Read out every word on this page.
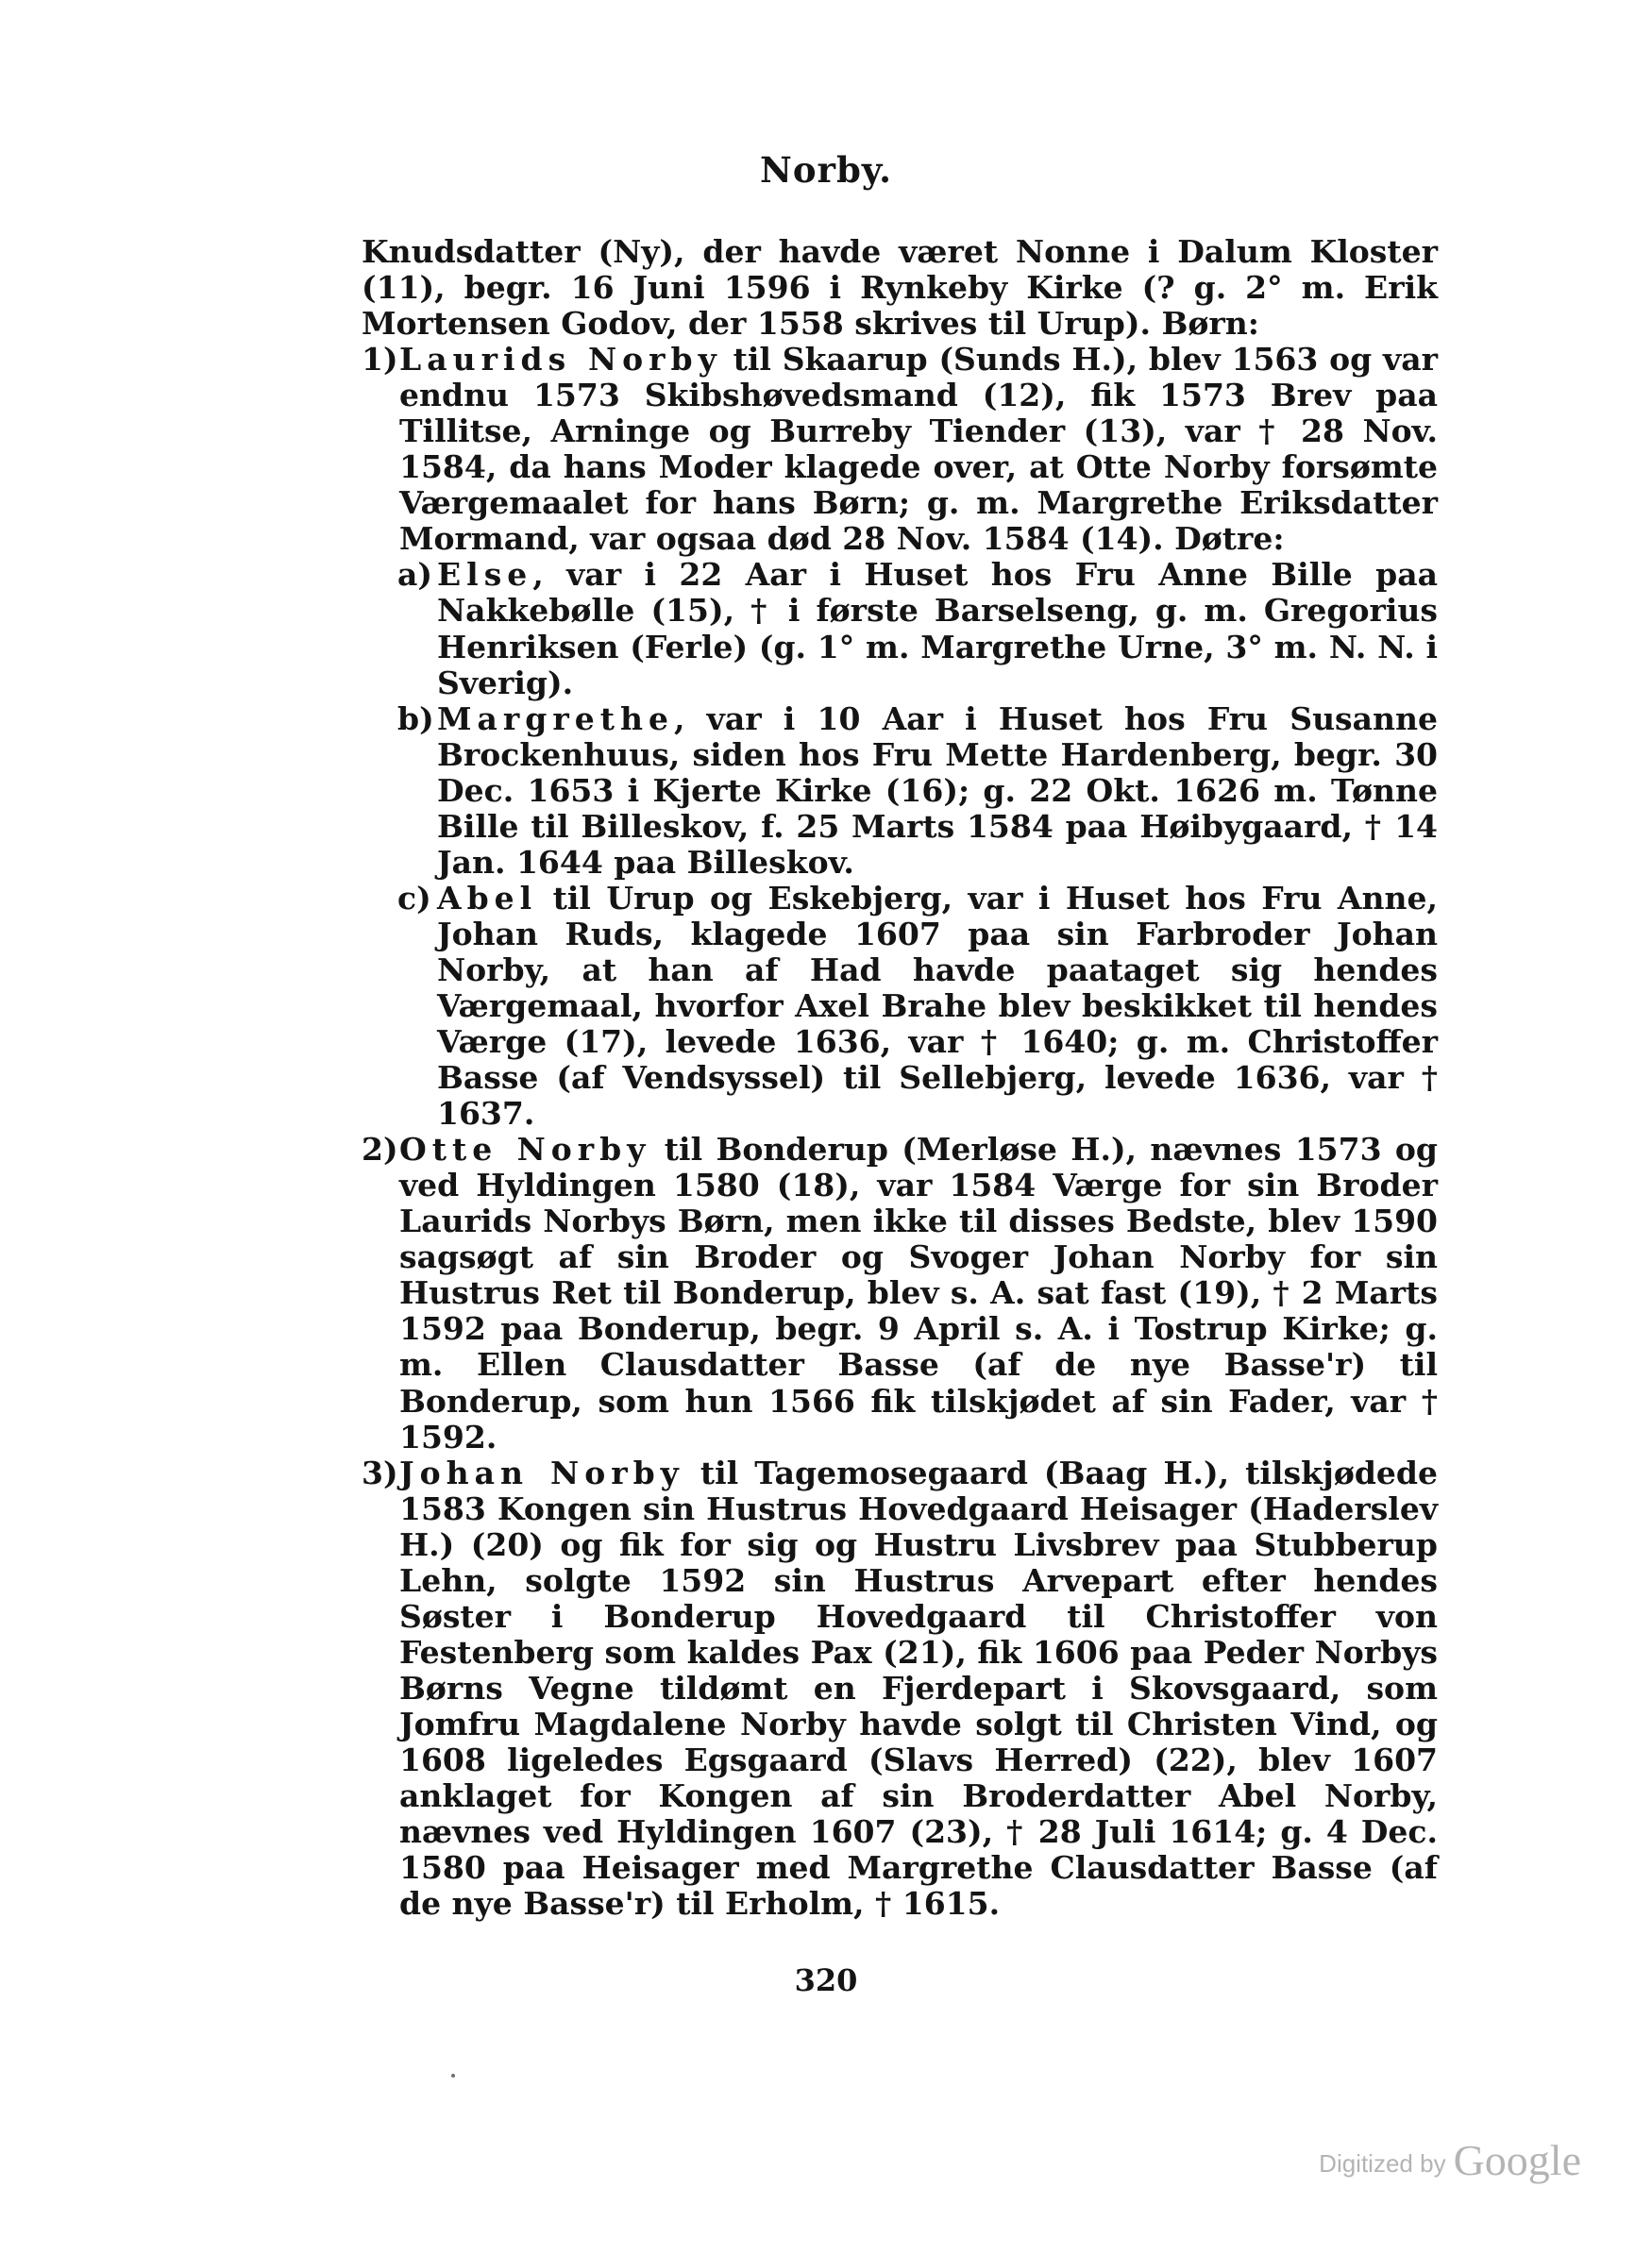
Norby.

Knudsdatter (Ny), der havde været Nonne i Dalum Kloster (11), begr. 16 Juni 1596 i Rynkeby Kirke (? g. 2° m. Erik Mortensen Godov, der 1558 skrives til Urup). Børn:

1) Laurids Norby til Skaarup (Sunds H.), blev 1563 og var endnu 1573 Skibshøvedsmand (12), fik 1573 Brev paa Tillitse, Arninge og Burreby Tiender (13), var † 28 Nov. 1584, da hans Moder klagede over, at Otte Norby forsømte Værgemaalet for hans Børn; g. m. Margrethe Eriksdatter Mormand, var ogsaa død 28 Nov. 1584 (14). Døtre:
a) Else, var i 22 Aar i Huset hos Fru Anne Bille paa Nakkebølle (15), † i første Barselseng, g. m. Gregorius Henriksen (Ferle) (g. 1° m. Margrethe Urne, 3° m. N. N. i Sverig).
b) Margrethe, var i 10 Aar i Huset hos Fru Susanne Brockenhuus, siden hos Fru Mette Hardenberg, begr. 30 Dec. 1653 i Kjerte Kirke (16); g. 22 Okt. 1626 m. Tønne Bille til Billeskov, f. 25 Marts 1584 paa Høibygaard, † 14 Jan. 1644 paa Billeskov.
c) Abel til Urup og Eskebjerg, var i Huset hos Fru Anne, Johan Ruds, klagede 1607 paa sin Farbroder Johan Norby, at han af Had havde paataget sig hendes Værgemaal, hvorfor Axel Brahe blev beskikket til hendes Værge (17), levede 1636, var † 1640; g. m. Christoffer Basse (af Vendsyssel) til Sellebjerg, levede 1636, var † 1637.
2) Otte Norby til Bonderup (Merløse H.), nævnes 1573 og ved Hyldingen 1580 (18), var 1584 Værge for sin Broder Laurids Norbys Børn, men ikke til disses Bedste, blev 1590 sagsøgt af sin Broder og Svoger Johan Norby for sin Hustrus Ret til Bonderup, blev s. A. sat fast (19), † 2 Marts 1592 paa Bonderup, begr. 9 April s. A. i Tostrup Kirke; g. m. Ellen Clausdatter Basse (af de nye Basse'r) til Bonderup, som hun 1566 fik tilskjødet af sin Fader, var † 1592.
3) Johan Norby til Tagemosegaard (Baag H.), tilskjødede 1583 Kongen sin Hustrus Hovedgaard Heisager (Haderslev H.) (20) og fik for sig og Hustru Livsbrev paa Stubberup Lehn, solgte 1592 sin Hustrus Arvepart efter hendes Søster i Bonderup Hovedgaard til Christoffer von Festenberg som kaldes Pax (21), fik 1606 paa Peder Norbys Børns Vegne tildømt en Fjerdepart i Skovsgaard, som Jomfru Magdalene Norby havde solgt til Christen Vind, og 1608 ligeledes Egsgaard (Slavs Herred) (22), blev 1607 anklaget for Kongen af sin Broderdatter Abel Norby, nævnes ved Hyldingen 1607 (23), † 28 Juli 1614; g. 4 Dec. 1580 paa Heisager med Margrethe Clausdatter Basse (af de nye Basse'r) til Erholm, † 1615.
320
Digitized by Google
